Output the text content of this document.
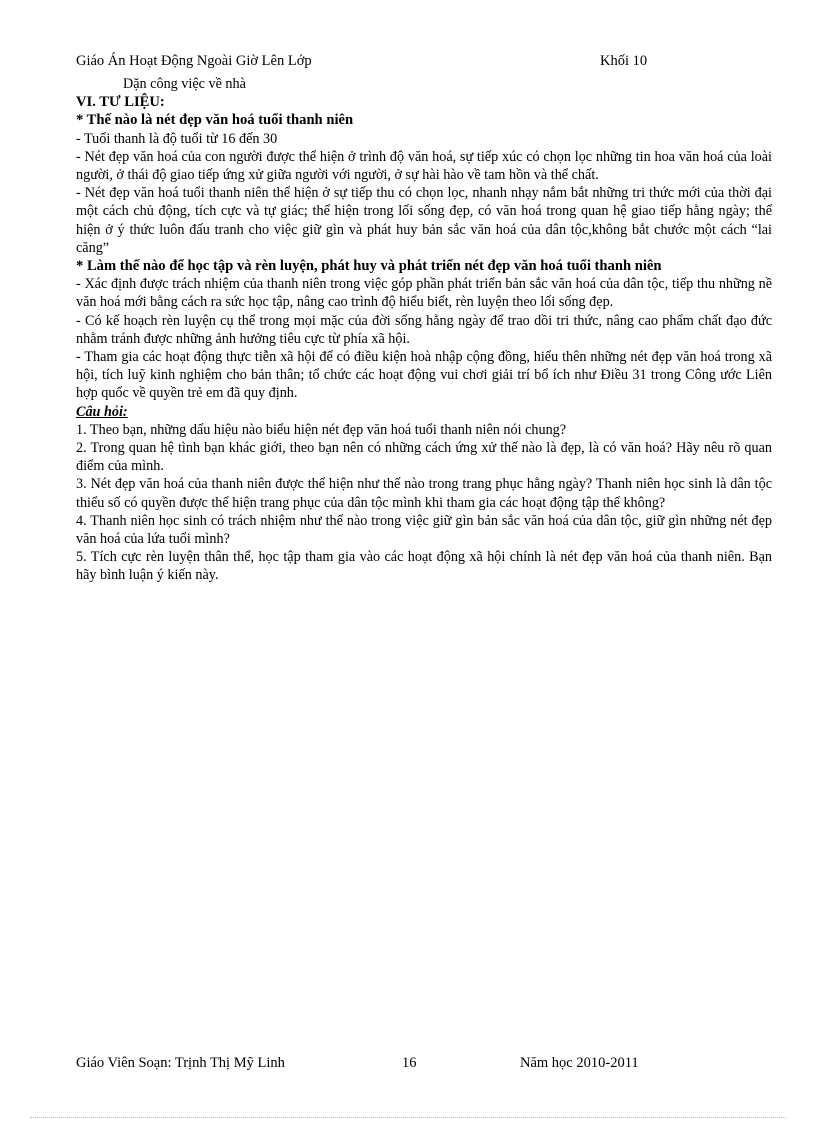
Giáo Án Hoạt Động Ngoài Giờ Lên Lớp	Khối 10
Dặn công việc về nhà
VI. TƯ LIỆU:
* Thế nào là nét đẹp văn hoá tuổi thanh niên
- Tuổi thanh là độ tuổi từ 16 đến 30
- Nét đẹp văn hoá của con người được thể hiện ở trình độ văn hoá, sự tiếp xúc có chọn lọc những tin hoa văn hoá của loài người, ở thái độ giao tiếp ứng xử giữa người với người, ở sự hài hào về tam hồn và thể chất.
- Nét đẹp văn hoá tuổi thanh niên thể hiện ở sự tiếp thu có chọn lọc, nhanh nhạy nắm bắt những tri thức mới của thời đại một cách chủ động, tích cực và tự giác; thể hiện trong lối sống đẹp, có văn hoá trong quan hệ giao tiếp hằng ngày; thể hiện ở ý thức luôn đấu tranh cho việc giữ gìn và phát huy bản sắc văn hoá của dân tộc,không bắt chước một cách “lai căng”
* Làm thế nào để học tập và rèn luyện, phát huy và phát triển nét đẹp văn hoá tuổi thanh niên
- Xác định được trách nhiệm của thanh niên trong việc góp phần phát triển bản sắc văn hoá của dân tộc, tiếp thu những nề văn hoá mới bằng cách ra sức học tập, nâng cao trình độ hiểu biết, rèn luyện theo lối sống đẹp.
- Có kế hoạch rèn luyện cụ thể trong mọi mặc của đời sống hằng ngày để trao dồi tri thức, nâng cao phẩm chất đạo đức nhằm tránh được những ảnh hưởng tiêu cực từ phía xã hội.
- Tham gia các hoạt động thực tiễn xã hội để có điều kiện hoà nhập cộng đồng, hiểu thên những nét đẹp văn hoá trong xã hội, tích luỹ kinh nghiệm cho bản thân; tổ chức các hoạt động vui chơi giải trí bổ ích như Điều 31 trong Công ước Liên hợp quốc về quyền trẻ em đã quy định.
Câu hỏi:
1. Theo bạn, những dấu hiệu nào biểu hiện nét đẹp văn hoá tuổi thanh niên nói chung?
2. Trong quan hệ tình bạn khác giới, theo bạn nên có những cách ứng xử thế nào là đẹp, là có văn hoá? Hãy nêu rõ quan điểm của mình.
3. Nét đẹp văn hoá của thanh niên được thể hiện như thế nào trong trang phục hằng ngày? Thanh niên học sinh là dân tộc thiểu số có quyền được thể hiện trang phục của dân tộc mình khi tham gia các hoạt động tập thể không?
4. Thanh niên học sinh có trách nhiệm như thế nào trong việc giữ gìn bản sắc văn hoá của dân tộc, giữ gìn những nét đẹp văn hoá của lứa tuổi mình?
5. Tích cực rèn luyện thân thể, học tập tham gia vào các hoạt động xã hội chính là nét đẹp văn hoá của thanh niên. Bạn hãy bình luận ý kiến này.
Giáo Viên Soạn: Trịnh Thị Mỹ Linh	16	Năm học 2010-2011
